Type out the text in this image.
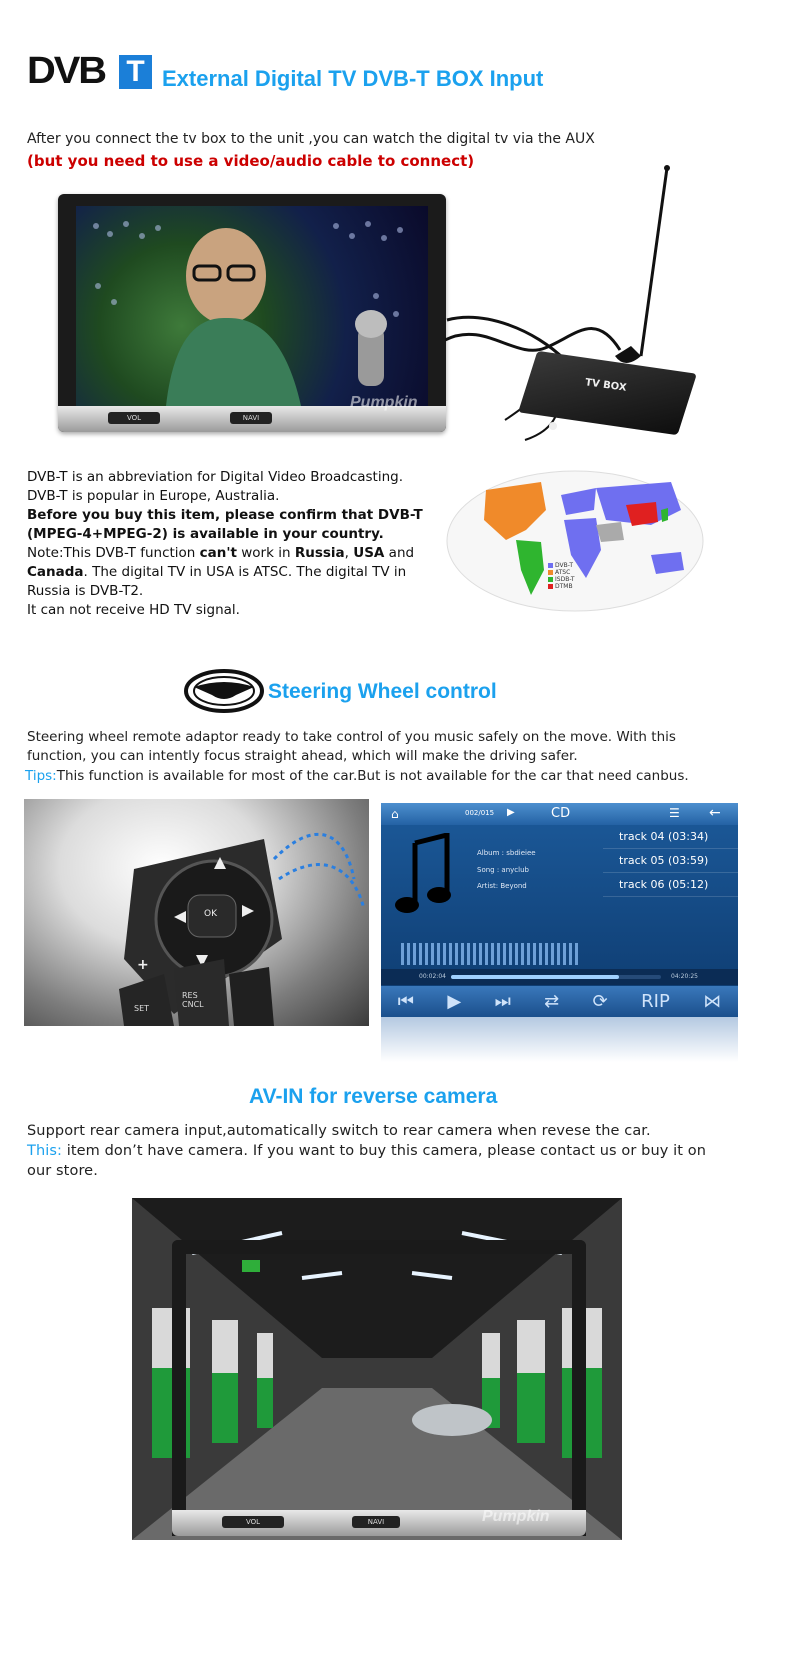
DVB T External Digital TV DVB-T BOX Input
After you connect the tv box to the unit ,you can watch the digital tv via the AUX
(but you need to use a video/audio cable to connect)
VOL	NAVI
Pumpkin
TV BOX
DVB-T is an abbreviation for Digital Video Broadcasting.
DVB-T is popular in Europe, Australia.
Before you buy this item, please confirm that DVB-T
(MPEG-4+MPEG-2) is available in your country.
Note:This DVB-T function can't work in Russia, USA and
Canada. The digital TV in USA is ATSC. The digital TV in
Russia is DVB-T2.
It can not receive HD TV signal.
DVB-T
ATSC
ISDB-T
DTMB
Steering Wheel control
Steering wheel remote adaptor ready to take control of you music safely on the move. With this function, you can intently focus straight ahead, which will make the driving safer.
Tips:This function is available for most of the car.But is not available for the car that need canbus.
OK
+
SET
RES CNCL
⌂	002/015 ▶	CD	☰ ←
Album : sbdieiee
Song : anyclub
Artist: Beyond
track 04 (03:34)
track 05 (03:59)
track 06 (05:12)
00:02:04	04:20:25
⏮ ▶ ⏭ ⇄ ⟳ RIP ⋈
AV-IN for reverse camera
Support rear camera input,automatically switch to rear camera when revese the car.
This: item don’t have camera. If you want to buy this camera, please contact us or buy it on our store.
VOL	NAVI	Pumpkin
